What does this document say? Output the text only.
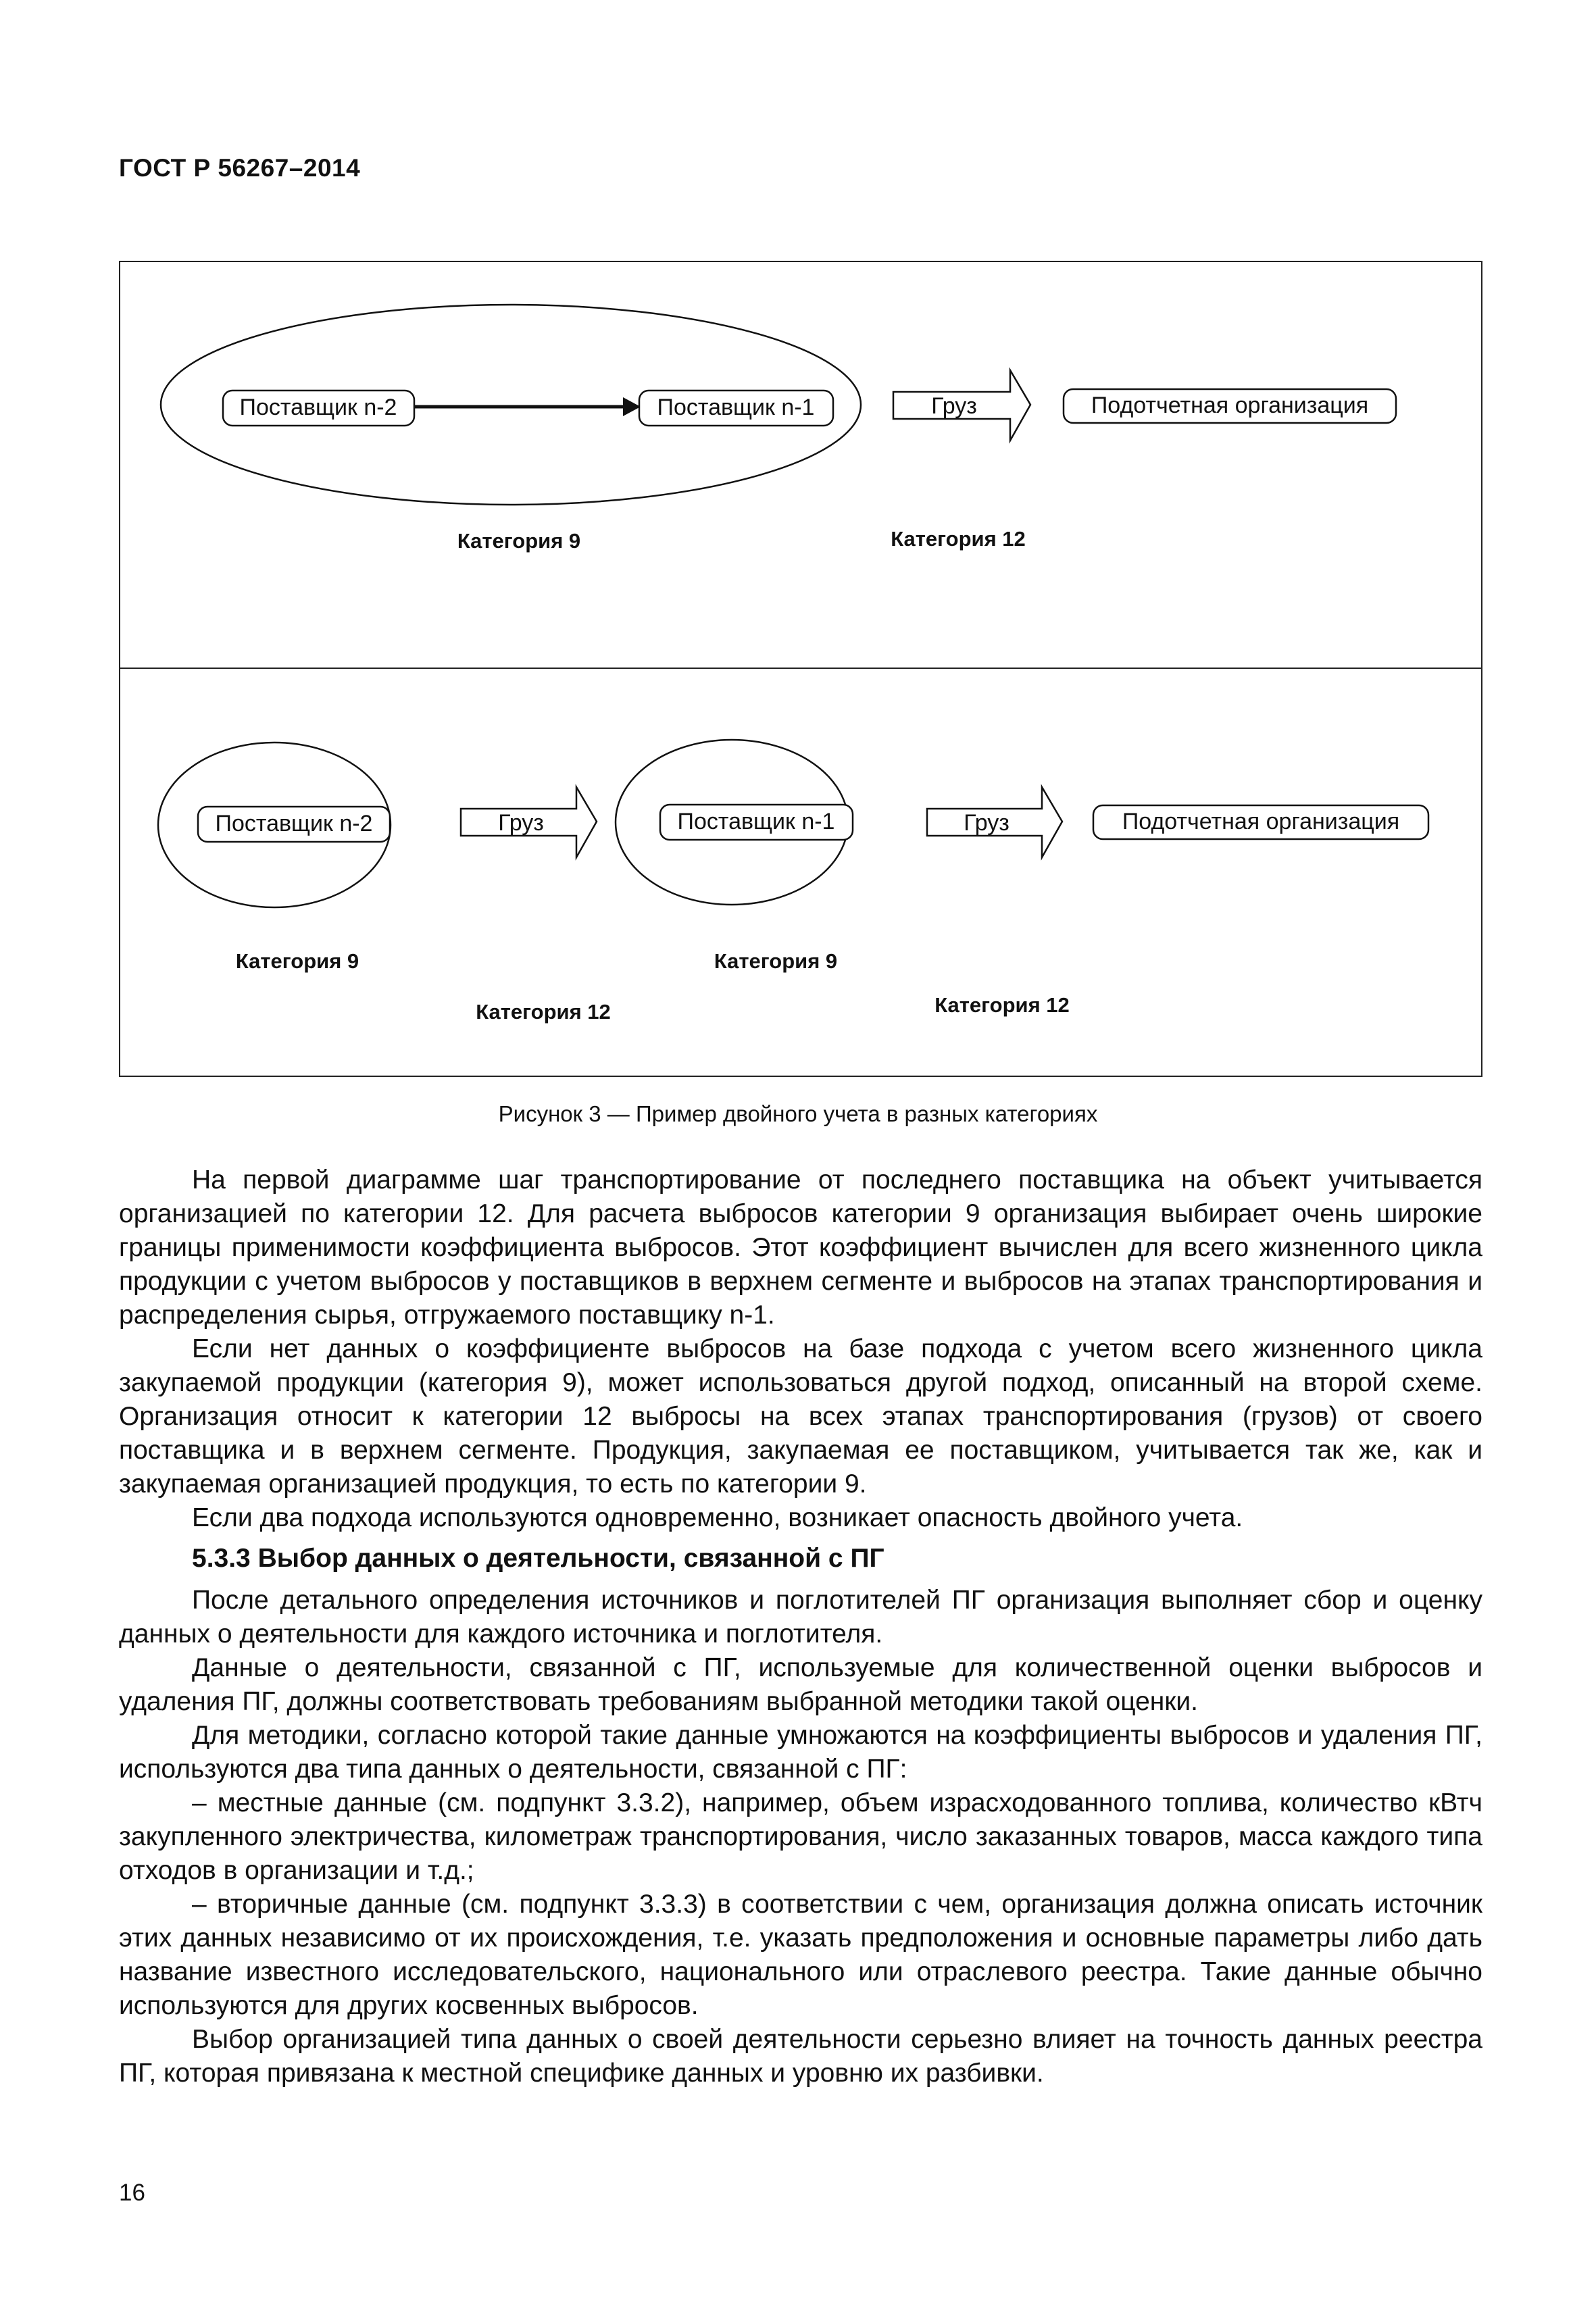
ГОСТ Р 56267–2014
Поставщик n-2	Поставщик n-1	Груз	Подотчетная организация
Категория 9	Категория 12
Поставщик n-2	Груз	Поставщик n-1	Груз	Подотчетная организация
Категория 9	Категория 9
Категория 12	Категория 12
Рисунок 3 — Пример двойного учета в разных категориях

На первой диаграмме шаг транспортирование от последнего поставщика на объект учитывается организацией по категории 12. Для расчета выбросов категории 9 организация выбирает очень широкие границы применимости коэффициента выбросов. Этот коэффициент вычислен для всего жизненного цикла продукции с учетом выбросов у поставщиков в верхнем сегменте и выбросов на этапах транспортирования и распределения сырья, отгружаемого поставщику n-1.

Если нет данных о коэффициенте выбросов на базе подхода с учетом всего жизненного цикла закупаемой продукции (категория 9), может использоваться другой подход, описанный на второй схеме. Организация относит к категории 12 выбросы на всех этапах транспортирования (грузов) от своего поставщика и в верхнем сегменте. Продукция, закупаемая ее поставщиком, учитывается так же, как и закупаемая организацией продукция, то есть по категории 9.

Если два подхода используются одновременно, возникает опасность двойного учета.

5.3.3 Выбор данных о деятельности, связанной с ПГ

После детального определения источников и поглотителей ПГ организация выполняет сбор и оценку данных о деятельности для каждого источника и поглотителя.

Данные о деятельности, связанной с ПГ, используемые для количественной оценки выбросов и удаления ПГ, должны соответствовать требованиям выбранной методики такой оценки.

Для методики, согласно которой такие данные умножаются на коэффициенты выбросов и удаления ПГ, используются два типа данных о деятельности, связанной с ПГ:

– местные данные (см. подпункт 3.3.2), например, объем израсходованного топлива, количество кВтч закупленного электричества, километраж транспортирования, число заказанных товаров, масса каждого типа отходов в организации и т.д.;

– вторичные данные (см. подпункт 3.3.3) в соответствии с чем, организация должна описать источник этих данных независимо от их происхождения, т.е. указать предположения и основные параметры либо дать название известного исследовательского, национального или отраслевого реестра. Такие данные обычно используются для других косвенных выбросов.

Выбор организацией типа данных о своей деятельности серьезно влияет на точность данных реестра ПГ, которая привязана к местной специфике данных и уровню их разбивки.

16
